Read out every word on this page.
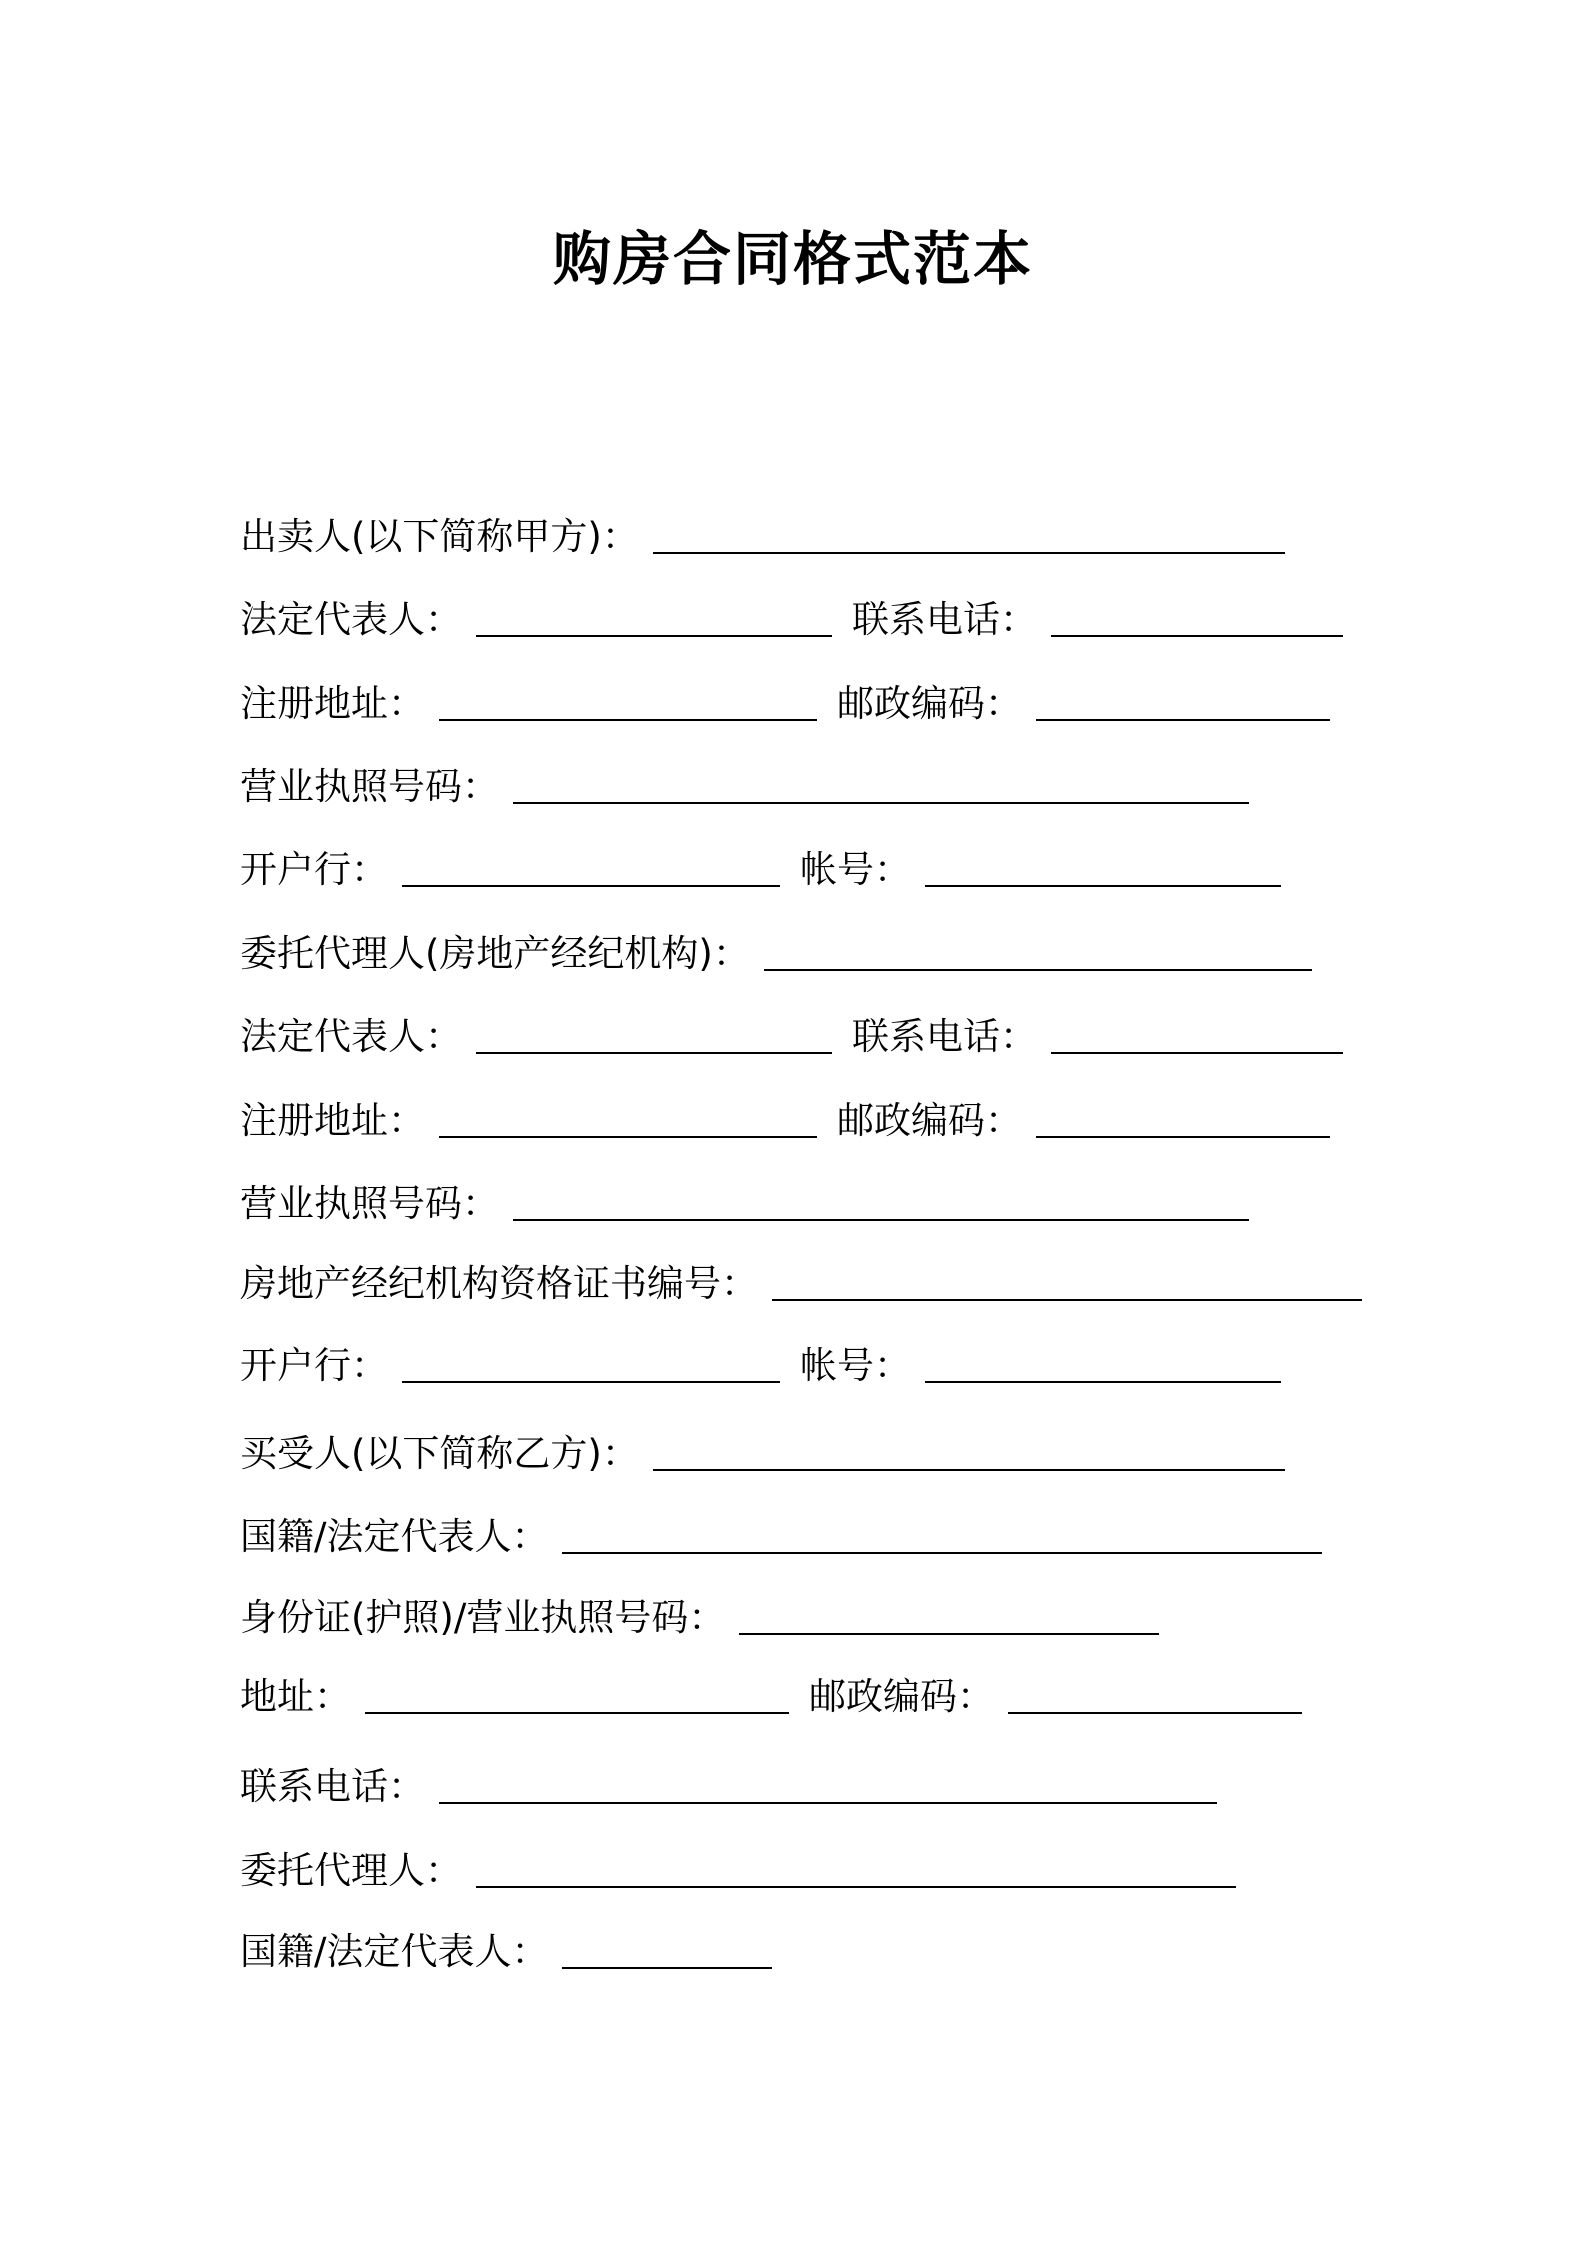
购房合同格式范本
出卖人(以下简称甲方)：
法定代表人：	联系电话：
注册地址：	邮政编码：
营业执照号码：
开户行：	帐号：
委托代理人(房地产经纪机构)：
法定代表人：	联系电话：
注册地址：	邮政编码：
营业执照号码：
房地产经纪机构资格证书编号：
开户行：	帐号：
买受人(以下简称乙方)：
国籍/法定代表人：
身份证(护照)/营业执照号码：
地址：	邮政编码：
联系电话：
委托代理人：
国籍/法定代表人：
